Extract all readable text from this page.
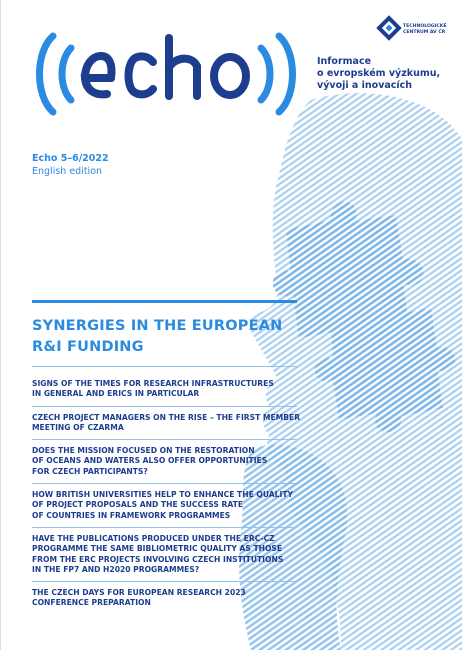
TECHNOLOGICKÉ
CENTRUM AV ČR
Informace
o evropském výzkumu,
vývoji a inovacích
Echo 5–6/2022
English edition
SYNERGIES IN THE EUROPEAN
R&I FUNDING
SIGNS OF THE TIMES FOR RESEARCH INFRASTRUCTURES
IN GENERAL AND ERICS IN PARTICULAR
CZECH PROJECT MANAGERS ON THE RISE – THE FIRST MEMBER
MEETING OF CZARMA
DOES THE MISSION FOCUSED ON THE RESTORATION
OF OCEANS AND WATERS ALSO OFFER OPPORTUNITIES
FOR CZECH PARTICIPANTS?
HOW BRITISH UNIVERSITIES HELP TO ENHANCE THE QUALITY
OF PROJECT PROPOSALS AND THE SUCCESS RATE
OF COUNTRIES IN FRAMEWORK PROGRAMMES
HAVE THE PUBLICATIONS PRODUCED UNDER THE ERC-CZ
PROGRAMME THE SAME BIBLIOMETRIC QUALITY AS THOSE
FROM THE ERC PROJECTS INVOLVING CZECH INSTITUTIONS
IN THE FP7 AND H2020 PROGRAMMES?
THE CZECH DAYS FOR EUROPEAN RESEARCH 2023
CONFERENCE PREPARATION
